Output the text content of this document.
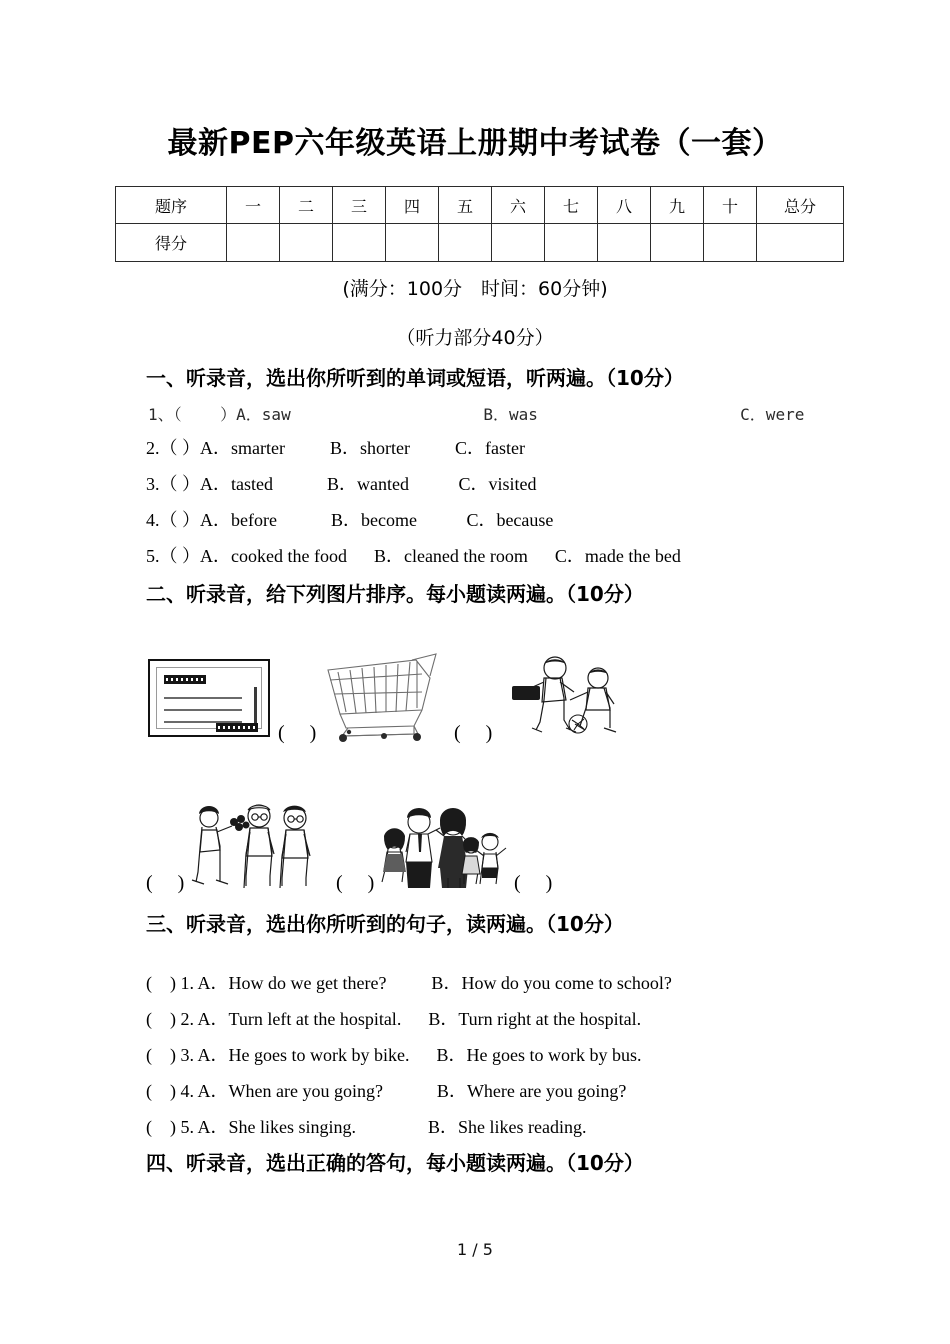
最新PEP六年级英语上册期中考试卷（一套）
题序	一	二	三	四	五	六	七	八	九	十	总分
得分											
(满分：100分　时间：60分钟)
（听力部分40分）
一、听录音，选出你所听到的单词或短语，听两遍。（10分）
1、（    ）A．saw                    B．was                     C．were
2.（ ）A．smarter          B．shorter          C．faster
3.（ ）A．tasted            B．wanted           C．visited
4.（ ）A．before            B．become           C．because
5.（ ）A．cooked the food      B．cleaned the room      C．made the bed
二、听录音，给下列图片排序。每小题读两遍。（10分）
(     )	(     )
(     )	(     )	(     )
三、听录音，选出你所听到的句子，读两遍。（10分）
(    ) 1. A．How do we get there?          B．How do you come to school?
(    ) 2. A．Turn left at the hospital.      B．Turn right at the hospital.
(    ) 3. A．He goes to work by bike.      B．He goes to work by bus.
(    ) 4. A．When are you going?            B．Where are you going?
(    ) 5. A．She likes singing.                B．She likes reading.
四、听录音，选出正确的答句，每小题读两遍。（10分）
1 / 5
